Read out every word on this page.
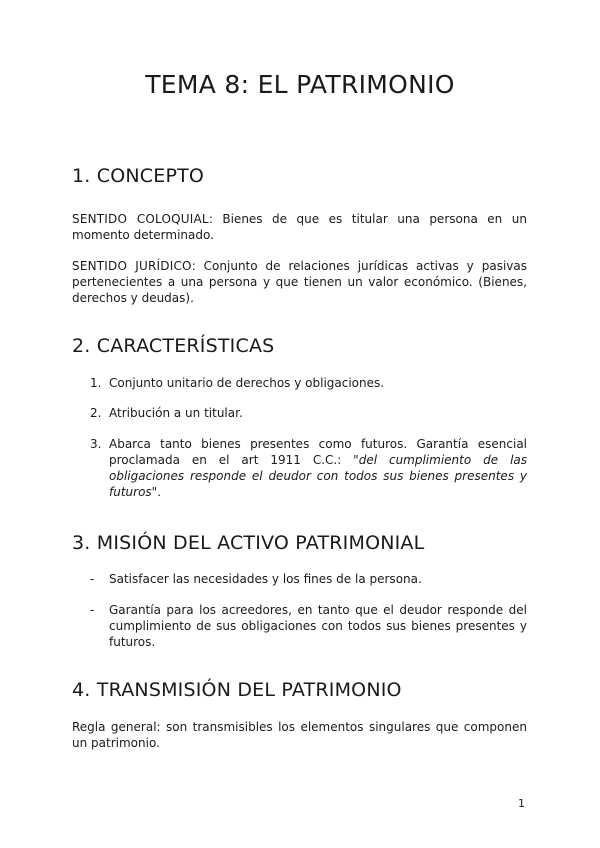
TEMA 8: EL PATRIMONIO
1. CONCEPTO

SENTIDO COLOQUIAL: Bienes de que es titular una persona en un momento determinado.

SENTIDO JURÍDICO: Conjunto de relaciones jurídicas activas y pasivas pertenecientes a una persona y que tienen un valor económico. (Bienes, derechos y deudas).

2. CARACTERÍSTICAS
1. Conjunto unitario de derechos y obligaciones.
2. Atribución a un titular.
3. Abarca tanto bienes presentes como futuros. Garantía esencial proclamada en el art 1911 C.C.: "del cumplimiento de las obligaciones responde el deudor con todos sus bienes presentes y futuros".
3. MISIÓN DEL ACTIVO PATRIMONIAL
-	Satisfacer las necesidades y los fines de la persona.
-	Garantía para los acreedores, en tanto que el deudor responde del cumplimiento de sus obligaciones con todos sus bienes presentes y futuros.
4. TRANSMISIÓN DEL PATRIMONIO

Regla general: son transmisibles los elementos singulares que componen un patrimonio.

1
